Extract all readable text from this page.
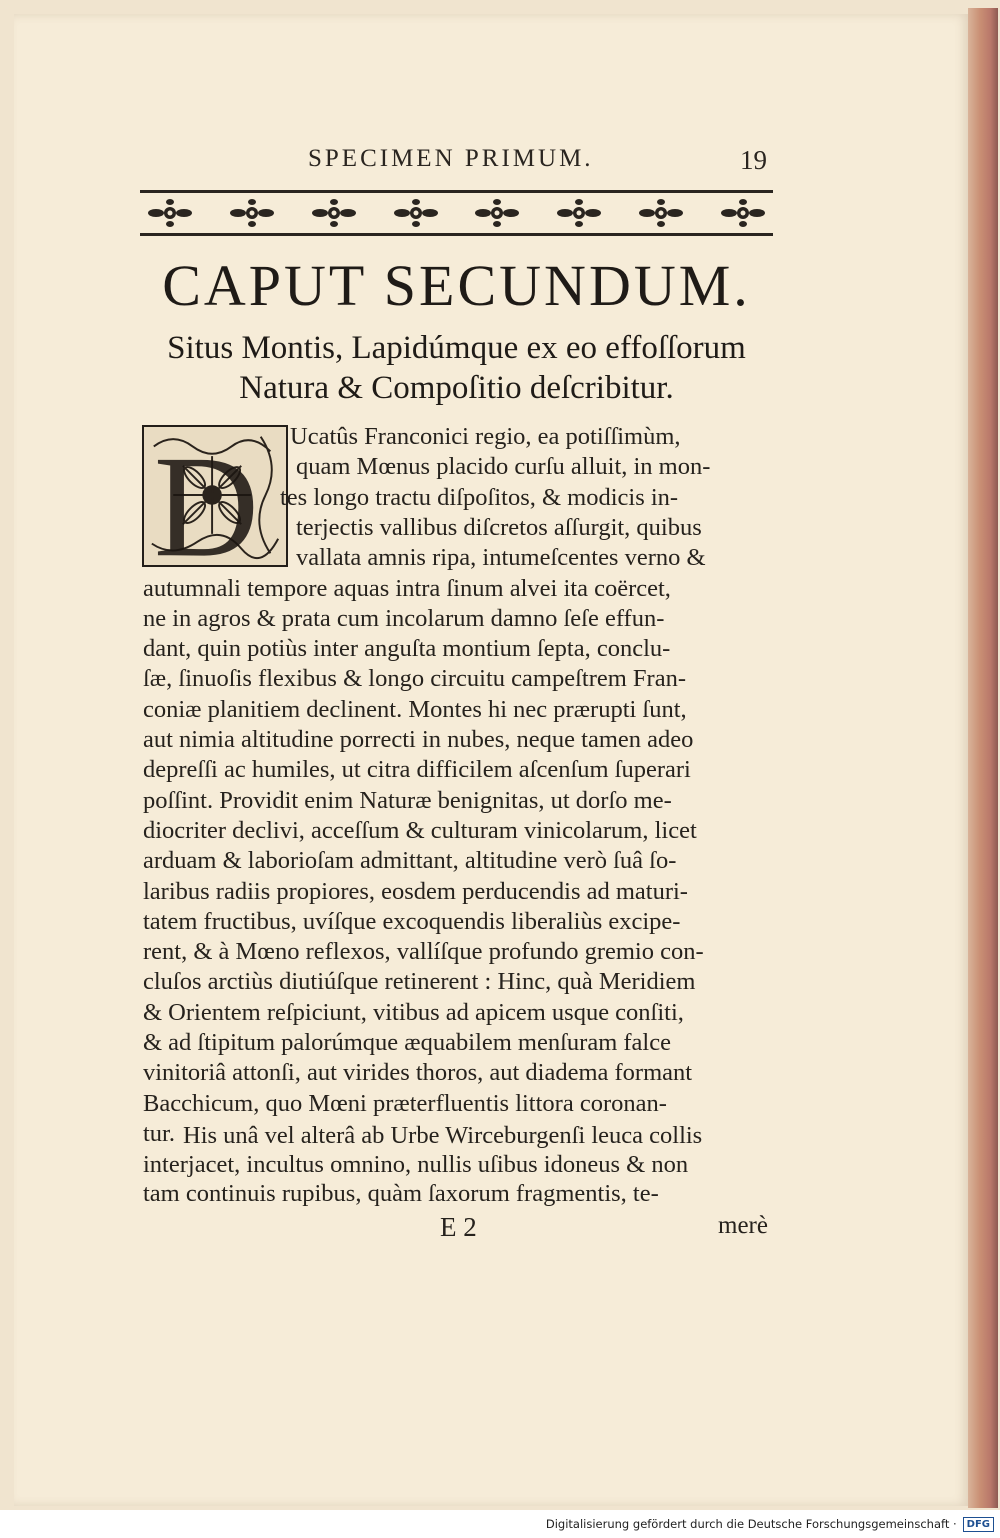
SPECIMEN PRIMUM.	19
CAPUT SECUNDUM.
Situs Montis, Lapidúmque ex eo effoſſorum
Natura & Compoſitio deſcribitur.
D Ucatûs Franconici regio, ea potiſſimùm,
quam Mœnus placido curſu alluit, in mon-
tes longo tractu diſpoſitos, & modicis in-
terjectis vallibus diſcretos aſſurgit, quibus
vallata amnis ripa, intumeſcentes verno &
autumnali tempore aquas intra ſinum alvei ita coërcet,
ne in agros & prata cum incolarum damno ſeſe effun-
dant, quin potiùs inter anguſta montium ſepta, conclu-
ſæ, ſinuoſis flexibus & longo circuitu campeſtrem Fran-
coniæ planitiem declinent. Montes hi nec prærupti ſunt,
aut nimia altitudine porrecti in nubes, neque tamen adeo
depreſſi ac humiles, ut citra difficilem aſcenſum ſuperari
poſſint. Providit enim Naturæ benignitas, ut dorſo me-
diocriter declivi, acceſſum & culturam vinicolarum, licet
arduam & laborioſam admittant, altitudine verò ſuâ ſo-
laribus radiis propiores, eosdem perducendis ad maturi-
tatem fructibus, uvíſque excoquendis liberaliùs excipe-
rent, & à Mœno reflexos, vallíſque profundo gremio con-
cluſos arctiùs diutiúſque retinerent : Hinc, quà Meridiem
& Orientem reſpiciunt, vitibus ad apicem usque conſiti,
& ad ſtipitum palorúmque æquabilem menſuram falce
vinitoriâ attonſi, aut virides thoros, aut diadema formant
Bacchicum, quo Mœni præterfluentis littora coronan-
tur. His unâ vel alterâ ab Urbe Wirceburgenſi leuca collis
interjacet, incultus omnino, nullis uſibus idoneus & non
tam continuis rupibus, quàm ſaxorum fragmentis, te-
E 2	merè
Digitalisierung gefördert durch die Deutsche Forschungsgemeinschaft ·	DFG
